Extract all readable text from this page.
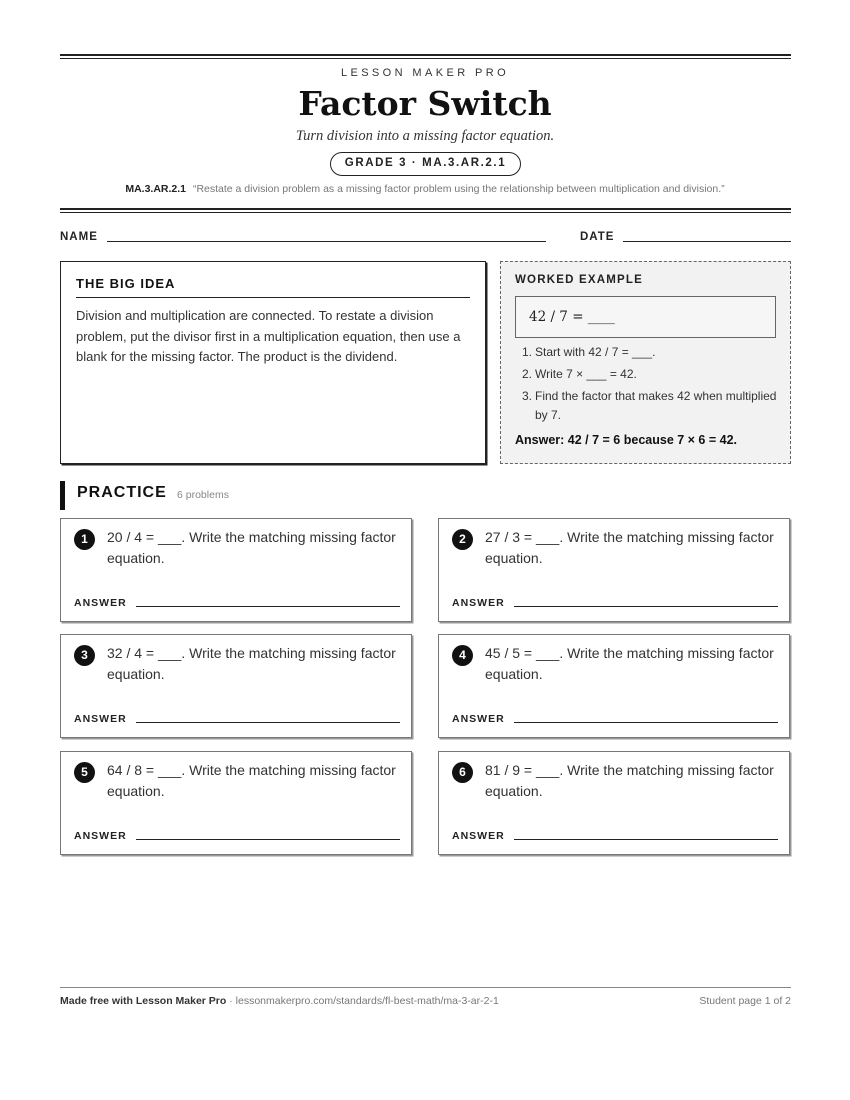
LESSON MAKER PRO
Factor Switch
Turn division into a missing factor equation.
GRADE 3 · MA.3.AR.2.1
MA.3.AR.2.1 “Restate a division problem as a missing factor problem using the relationship between multiplication and division.”
NAME	DATE
THE BIG IDEA

Division and multiplication are connected. To restate a division problem, put the divisor first in a multiplication equation, then use a blank for the missing factor. The product is the dividend.

WORKED EXAMPLE
42 / 7 = ____
1. Start with 42 / 7 = ___.
2. Write 7 × ___ = 42.
3. Find the factor that makes 42 when multiplied by 7.
Answer: 42 / 7 = 6 because 7 × 6 = 42.
PRACTICE 6 problems
1	20 / 4 = ___. Write the matching missing factor equation.
ANSWER
2	27 / 3 = ___. Write the matching missing factor equation.
ANSWER
3	32 / 4 = ___. Write the matching missing factor equation.
ANSWER
4	45 / 5 = ___. Write the matching missing factor equation.
ANSWER
5	64 / 8 = ___. Write the matching missing factor equation.
ANSWER
6	81 / 9 = ___. Write the matching missing factor equation.
ANSWER
Made free with Lesson Maker Pro · lessonmakerpro.com/standards/fl-best-math/ma-3-ar-2-1	Student page 1 of 2
